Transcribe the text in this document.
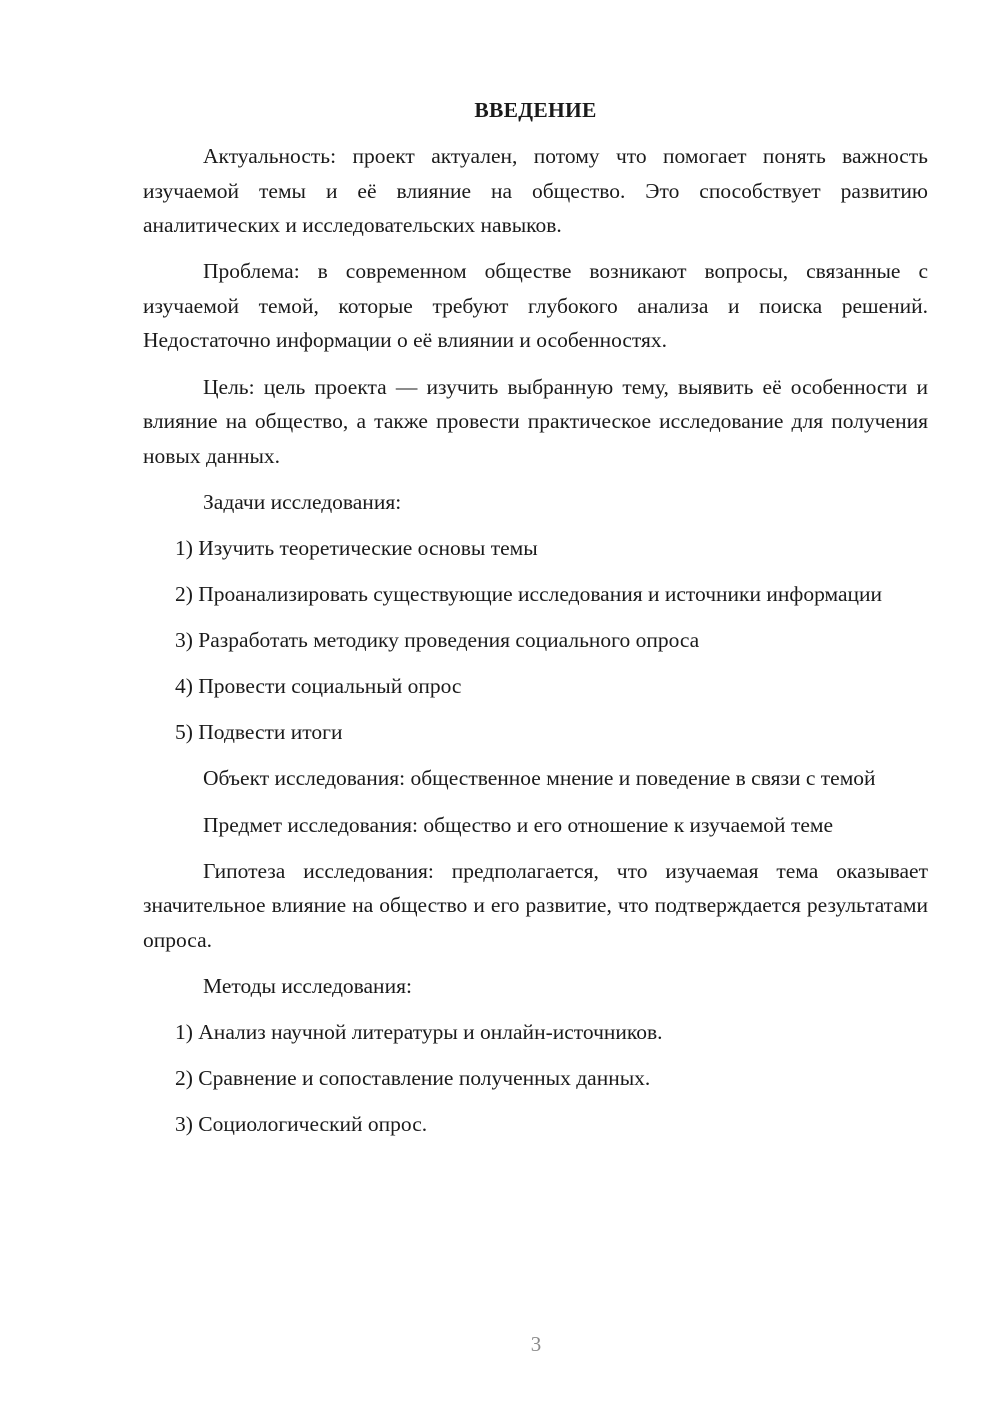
ВВЕДЕНИЕ

Актуальность: проект актуален, потому что помогает понять важность изучаемой темы и её влияние на общество. Это способствует развитию аналитических и исследовательских навыков.

Проблема: в современном обществе возникают вопросы, связанные с изучаемой темой, которые требуют глубокого анализа и поиска решений. Недостаточно информации о её влиянии и особенностях.

Цель: цель проекта — изучить выбранную тему, выявить её особенности и влияние на общество, а также провести практическое исследование для получения новых данных.

Задачи исследования:

1) Изучить теоретические основы темы

2) Проанализировать существующие исследования и источники информации

3) Разработать методику проведения социального опроса

4) Провести социальный опрос

5) Подвести итоги

Объект исследования: общественное мнение и поведение в связи с темой

Предмет исследования: общество и его отношение к изучаемой теме

Гипотеза исследования: предполагается, что изучаемая тема оказывает значительное влияние на общество и его развитие, что подтверждается результатами опроса.

Методы исследования:

1) Анализ научной литературы и онлайн-источников.

2) Сравнение и сопоставление полученных данных.

3) Социологический опрос.

3
